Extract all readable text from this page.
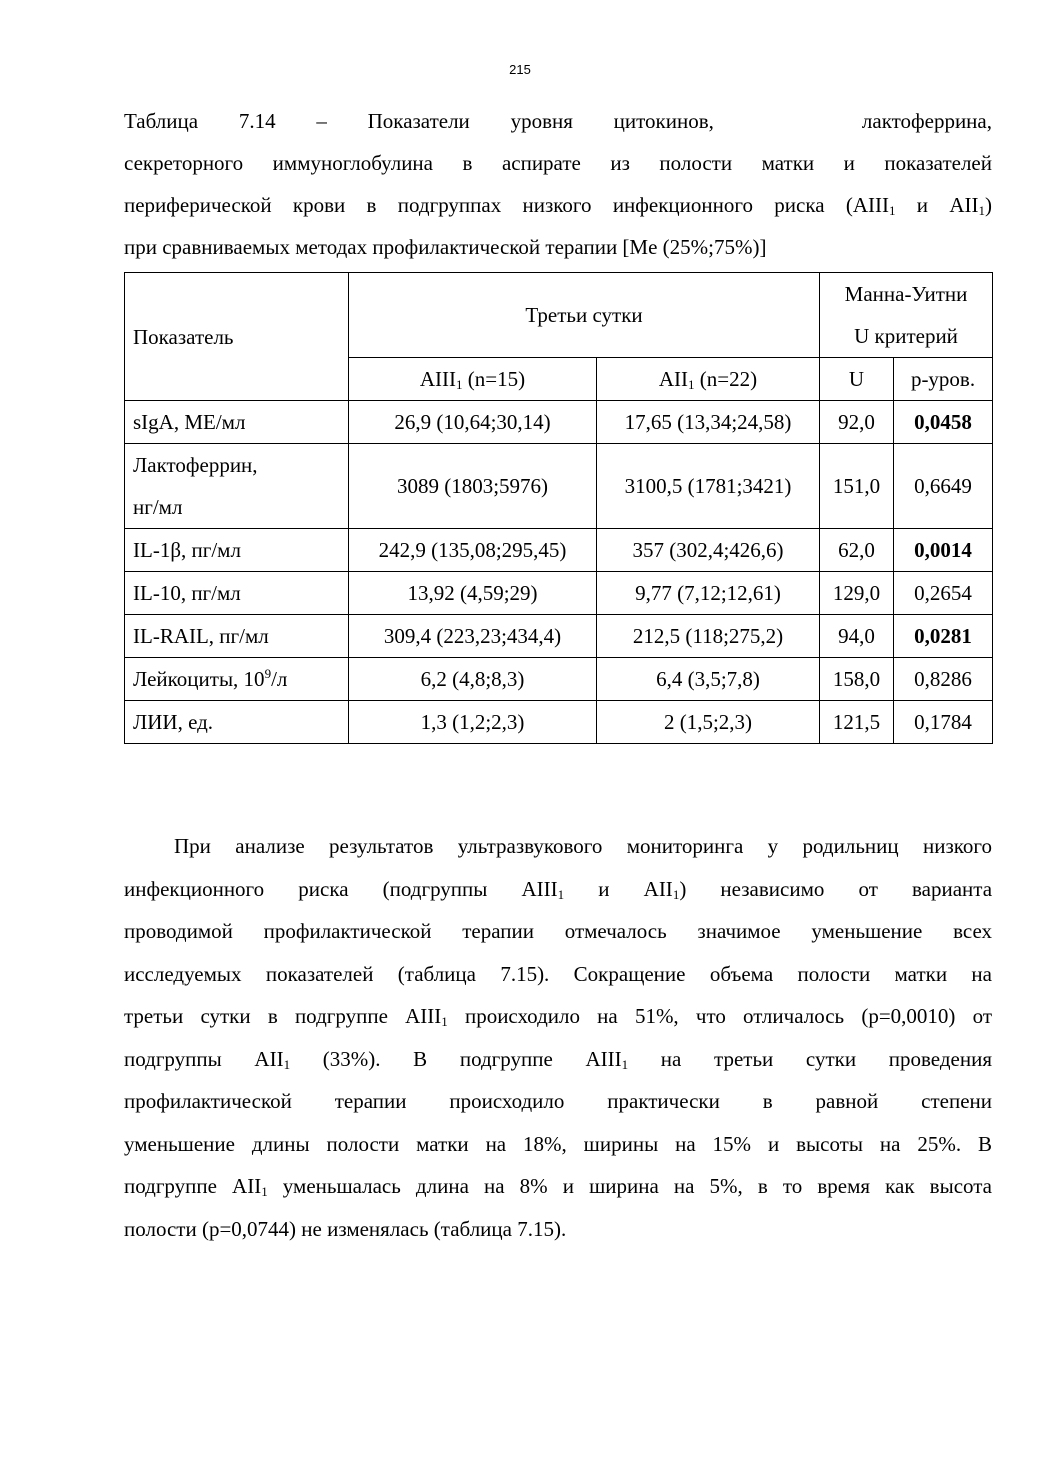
215
Таблица 7.14 – Показатели уровня цитокинов,	лактоферрина,
секреторного иммуноглобулина в аспирате из полости матки и показателей
периферической крови в подгруппах низкого инфекционного риска ($АIII_1$ и $АII_1$)
при сравниваемых методах профилактической терапии [Me (25%;75%)]
Показатель	Третьи сутки		Манна-Уитни
U критерий	

	$АIII_1$ (n=15)	$АII_1$ (n=22)	U	р-уров.
sIgA, МЕ/мл	26,9 (10,64;30,14)	17,65 (13,34;24,58)	92,0	0,0458

Лактоферрин,
нг/мл	3089 (1803;5976)	3100,5 (1781;3421)	151,0	0,6649
IL-1β, пг/мл	242,9 (135,08;295,45)	357 (302,4;426,6)	62,0	0,0014
IL-10, пг/мл	13,92 (4,59;29)	9,77 (7,12;12,61)	129,0	0,2654
IL-RAIL, пг/мл	309,4 (223,23;434,4)	212,5 (118;275,2)	94,0	0,0281
Лейкоциты, $10^9/л$	6,2 (4,8;8,3)	6,4 (3,5;7,8)	158,0	0,8286
ЛИИ, ед.	1,3 (1,2;2,3)	2 (1,5;2,3)	121,5	0,1784
При анализе результатов ультразвукового мониторинга у родильниц низкого
инфекционного риска (подгруппы $АIII_1$ и $АII_1$) независимо от варианта
проводимой профилактической терапии отмечалось значимое уменьшение всех
исследуемых показателей (таблица 7.15). Сокращение объема полости матки на
третьи сутки в подгруппе $АIII_1$ происходило на 51%, что отличалось (р=0,0010) от
подгруппы $АII_1$ (33%). В подгруппе $АIII_1$ на третьи сутки проведения
профилактической терапии происходило практически в равной степени
уменьшение длины полости матки на 18%, ширины на 15% и высоты на 25%. В
подгруппе $АII_1$ уменьшалась длина на 8% и ширина на 5%, в то время как высота
полости (р=0,0744) не изменялась (таблица 7.15).
